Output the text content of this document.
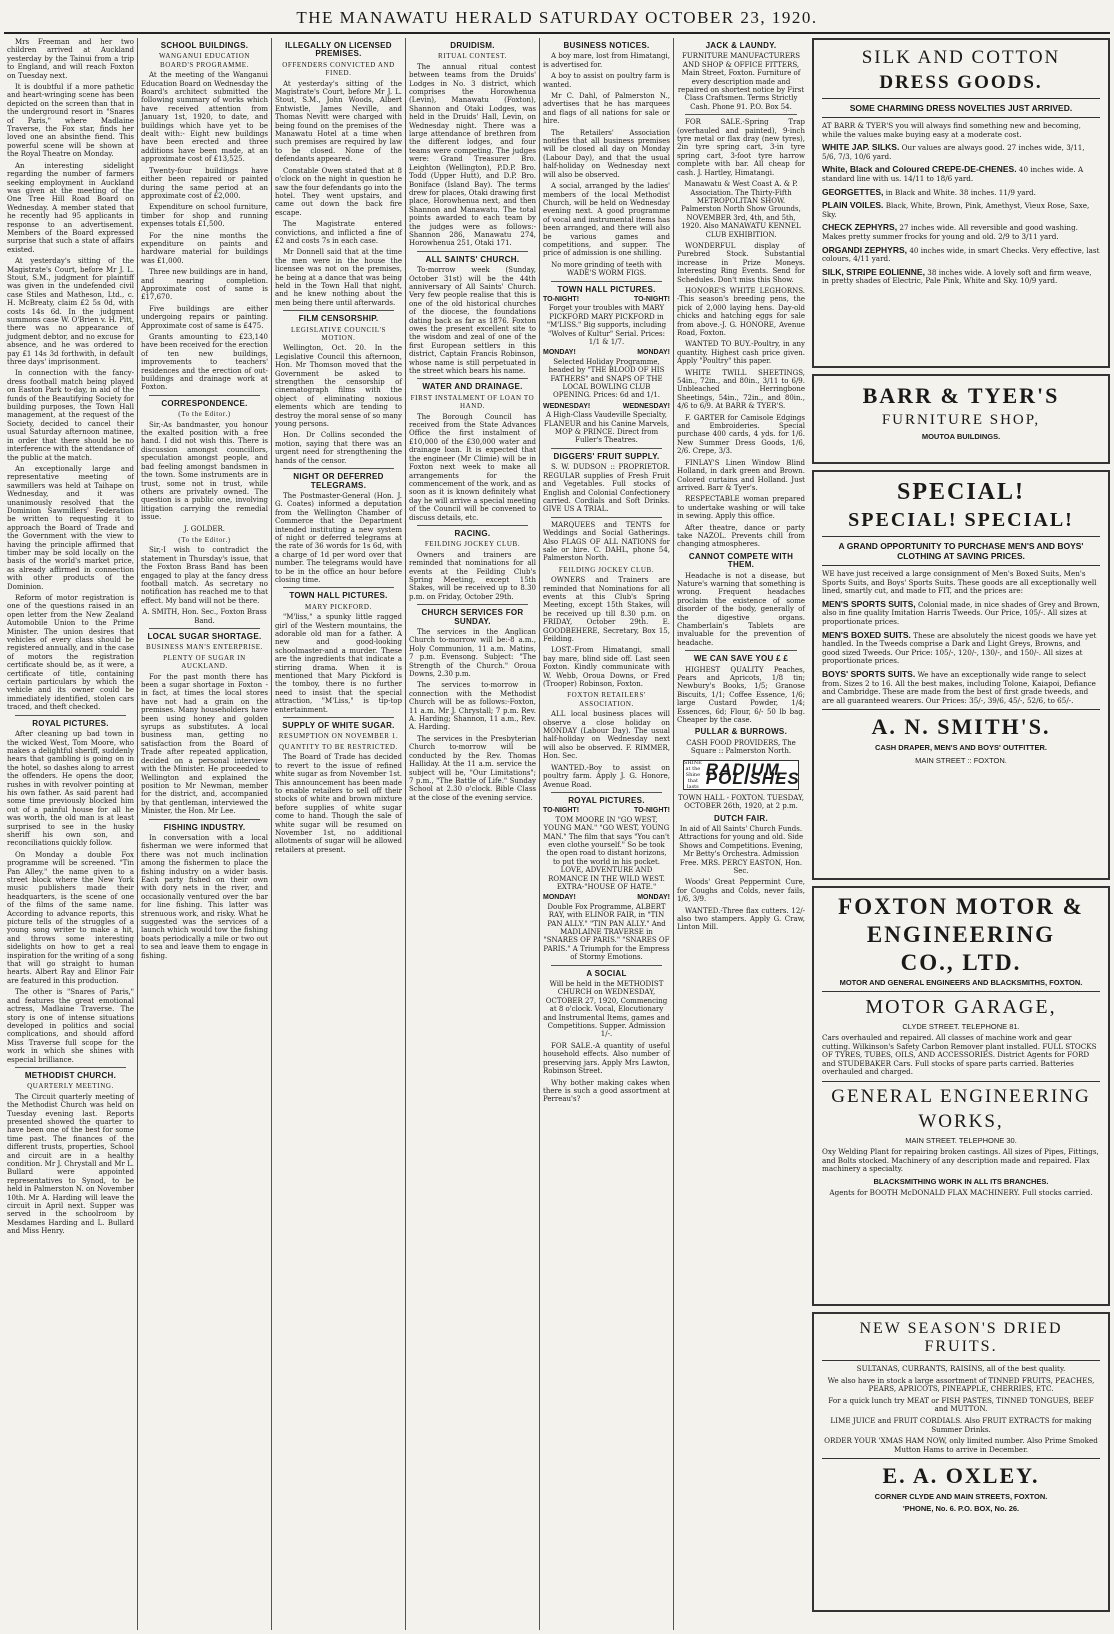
THE MANAWATU HERALD SATURDAY OCTOBER 23, 1920.

Mrs Freeman and her two children arrived at Auckland yesterday by the Tainui from a trip to England, and will reach Foxton on Tuesday next.

It is doubtful if a more pathetic and heart-wringing scene has been depicted on the screen than that in the underground resort in "Snares of Paris," where Madlaine Traverse, the Fox star, finds her loved one an absinthe fiend. This powerful scene will be shown at the Royal Theatre on Monday.

An interesting sidelight regarding the number of farmers seeking employment in Auckland was given at the meeting of the One Tree Hill Road Board on Wednesday. A member stated that he recently had 95 applicants in response to an advertisement. Members of the Board expressed surprise that such a state of affairs existed.

At yesterday's sitting of the Magistrate's Court, before Mr J. L. Stout, S.M., judgment for plaintiff was given in the undefended civil case Stiles and Matheson, Ltd., c. H. McBreaty, claim £2 5s 0d, with costs 14s 6d. In the judgment summons case W. O'Brien v. H. Pitt, there was no appearance of judgment debtor, and no excuse for absence, and he was ordered to pay £1 14s 3d forthwith, in default three days' imprisonment.

In connection with the fancy-dress football match being played on Easton Park to-day, in aid of the funds of the Beautifying Society for building purposes, the Town Hall management, at the request of the Society, decided to cancel their usual Saturday afternoon matinee, in order that there should be no interference with the attendance of the public at the match.

An exceptionally large and representative meeting of sawmillers was held at Taihape on Wednesday, and it was unanimously resolved that the Dominion Sawmillers' Federation be written to requesting it to approach the Board of Trade and the Government with the view to having the principle affirmed that timber may be sold locally on the basis of the world's market price, as already affirmed in connection with other products of the Dominion.

Reform of motor registration is one of the questions raised in an open letter from the New Zealand Automobile Union to the Prime Minister. The union desires that vehicles of every class should be registered annually, and in the case of motors the registration certificate should be, as it were, a certificate of title, containing certain particulars by which the vehicle and its owner could be immediately identified, stolen cars traced, and theft checked.

ROYAL PICTURES.

After cleaning up bad town in the wicked West, Tom Moore, who makes a delightful sheriff, suddenly hears that gambling is going on in the hotel, so dashes along to arrest the offenders. He opens the door, rushes in with revolver pointing at his own father. As said parent had some time previously blocked him out of a painful house for all he was worth, the old man is at least surprised to see in the husky sheriff his own son, and reconciliations quickly follow.

On Monday a double Fox programme will be screened. "Tin Pan Alley," the name given to a street block where the New York music publishers made their headquarters, is the scene of one of the films of the same name. According to advance reports, this picture tells of the struggles of a young song writer to make a hit, and throws some interesting sidelights on how to get a real inspiration for the writing of a song that will go straight to human hearts. Albert Ray and Elinor Fair are featured in this production.

The other is "Snares of Paris," and features the great emotional actress, Madlaine Traverse. The story is one of intense situations developed in politics and social complications, and should afford Miss Traverse full scope for the work in which she shines with especial brilliance.

METHODIST CHURCH.
QUARTERLY MEETING.

The Circuit quarterly meeting of the Methodist Church was held on Tuesday evening last. Reports presented showed the quarter to have been one of the best for some time past. The finances of the different trusts, properties, School and circuit are in a healthy condition. Mr J. Chrystall and Mr L. Bullard were appointed representatives to Synod, to be held in Palmerston N. on November 10th. Mr A. Harding will leave the circuit in April next. Supper was served in the schoolroom by Mesdames Harding and L. Bullard and Miss Henry.

SCHOOL BUILDINGS.
WANGANUI EDUCATION BOARD'S PROGRAMME.

At the meeting of the Wanganui Education Board on Wednesday the Board's architect submitted the following summary of works which have received attention from January 1st, 1920, to date, and buildings which have yet to be dealt with:- Eight new buildings have been erected and three additions have been made, at an approximate cost of £13,525.

Twenty-four buildings have either been repaired or painted during the same period at an approximate cost of £2,000.

Expenditure on school furniture, timber for shop and running expenses totals £1,500.

For the nine months the expenditure on paints and hardware material for buildings was £1,000.

Three new buildings are in hand, and nearing completion. Approximate cost of same is £17,670.

Five buildings are either undergoing repairs or painting. Approximate cost of same is £475.

Grants amounting to £23,140 have been received for the erection of ten new buildings, improvements to teachers' residences and the erection of out-buildings and drainage work at Foxton.

CORRESPONDENCE.
(To the Editor.)

Sir,-As bandmaster, you honour the exalted position with a free hand. I did not wish this. There is discussion amongst councillors, speculation amongst people, and bad feeling amongst bandsmen in the town. Some instruments are in trust, some not in trust, while others are privately owned. The question is a public one, involving litigation carrying the remedial issue.

J. GOLDER.

(To the Editor.)

Sir,-I wish to contradict the statement in Thursday's issue, that the Foxton Brass Band has been engaged to play at the fancy dress football match. As secretary no notification has reached me to that effect. My band will not be there.

A. SMITH, Hon. Sec., Foxton Brass Band.

LOCAL SUGAR SHORTAGE.
BUSINESS MAN'S ENTERPRISE.
PLENTY OF SUGAR IN AUCKLAND.

For the past month there has been a sugar shortage in Foxton - in fact, at times the local stores have not had a grain on the premises. Many householders have been using honey and golden syrups as substitutes. A local business man, getting no satisfaction from the Board of Trade after repeated application, decided on a personal interview with the Minister. He proceeded to Wellington and explained the position to Mr Newman, member for the district, and, accompanied by that gentleman, interviewed the Minister, the Hon. Mr Lee.

FISHING INDUSTRY.

In conversation with a local fisherman we were informed that there was not much inclination among the fishermen to place the fishing industry on a wider basis. Each party fished on their own with dory nets in the river, and occasionally ventured over the bar for line fishing. This latter was strenuous work, and risky. What he suggested was the services of a launch which would tow the fishing boats periodically a mile or two out to sea and leave them to engage in fishing.

ILLEGALLY ON LICENSED PREMISES.
OFFENDERS CONVICTED AND FINED.

At yesterday's sitting of the Magistrate's Court, before Mr J. L. Stout, S.M., John Woods, Albert Entwistle, James Neville, and Thomas Nevitt were charged with being found on the premises of the Manawatu Hotel at a time when such premises are required by law to be closed. None of the defendants appeared.

Constable Owen stated that at 8 o'clock on the night in question he saw the four defendants go into the hotel. They went upstairs, and came out down the back fire escape.

The Magistrate entered convictions, and inflicted a fine of £2 and costs 7s in each case.

Mr Donnell said that at the time the men were in the house the licensee was not on the premises, he being at a dance that was being held in the Town Hall that night, and he knew nothing about the men being there until afterwards.

FILM CENSORSHIP.
LEGISLATIVE COUNCIL'S MOTION.

Wellington, Oct. 20. In the Legislative Council this afternoon, Hon. Mr Thomson moved that the Government be asked to strengthen the censorship of cinematograph films with the object of eliminating noxious elements which are tending to destroy the moral sense of so many young persons.

Hon. Dr Collins seconded the motion, saying that there was an urgent need for strengthening the hands of the censor.

NIGHT OR DEFERRED TELEGRAMS.

The Postmaster-General (Hon. J. G. Coates) informed a deputation from the Wellington Chamber of Commerce that the Department intended instituting a new system of night or deferred telegrams at the rate of 36 words for 1s 6d, with a charge of 1d per word over that number. The telegrams would have to be in the office an hour before closing time.

TOWN HALL PICTURES.
MARY PICKFORD.

"M'liss," a spunky little ragged girl of the Western mountains, the adorable old man for a father. A new and good-looking schoolmaster-and a murder. These are the ingredients that indicate a stirring drama. When it is mentioned that Mary Pickford is the tomboy, there is no further need to insist that the special attraction, "M'Liss," is tip-top entertainment.

SUPPLY OF WHITE SUGAR.
RESUMPTION ON NOVEMBER 1.
QUANTITY TO BE RESTRICTED.

The Board of Trade has decided to revert to the issue of refined white sugar as from November 1st. This announcement has been made to enable retailers to sell off their stocks of white and brown mixture before supplies of white sugar come to hand. Though the sale of white sugar will be resumed on November 1st, no additional allotments of sugar will be allowed retailers at present.

DRUIDISM.
RITUAL CONTEST.

The annual ritual contest between teams from the Druids' Lodges in No. 3 district, which comprises the Horowhenua (Levin), Manawatu (Foxton), Shannon and Otaki Lodges, was held in the Druids' Hall, Levin, on Wednesday night. There was a large attendance of brethren from the different lodges, and four teams were competing. The judges were: Grand Treasurer Bro. Leighton (Wellington), P.D.P. Bro. Todd (Upper Hutt), and D.P. Bro. Boniface (Island Bay). The terms drew for places, Otaki drawing first place, Horowhenua next, and then Shannon and Manawatu. The total points awarded to each team by the judges were as follows:-Shannon 286, Manawatu 274, Horowhenua 251, Otaki 171.

ALL SAINTS' CHURCH.

To-morrow week (Sunday, October 31st) will be the 44th anniversary of All Saints' Church. Very few people realise that this is one of the old historical churches of the diocese, the foundations dating back as far as 1876. Foxton owes the present excellent site to the wisdom and zeal of one of the first European settlers in this district, Captain Francis Robinson, whose name is still perpetuated in the street which bears his name.

WATER AND DRAINAGE.
FIRST INSTALMENT OF LOAN TO HAND.

The Borough Council has received from the State Advances Office the first instalment of £10,000 of the £30,000 water and drainage loan. It is expected that the engineer (Mr Climie) will be in Foxton next week to make all arrangements for the commencement of the work, and as soon as it is known definitely what day he will arrive a special meeting of the Council will be convened to discuss details, etc.

RACING.
FEILDING JOCKEY CLUB.

Owners and trainers are reminded that nominations for all events at the Feilding Club's Spring Meeting, except 15th Stakes, will be received up to 8.30 p.m. on Friday, October 29th.

CHURCH SERVICES FOR SUNDAY.

The services in the Anglican Church to-morrow will be:-8 a.m., Holy Communion, 11 a.m. Matins, 7 p.m. Evensong. Subject: "The Strength of the Church." Oroua Downs, 2.30 p.m.

The services to-morrow in connection with the Methodist Church will be as follows:-Foxton, 11 a.m. Mr J. Chrystall; 7 p.m. Rev. A. Harding; Shannon, 11 a.m., Rev. A. Harding.

The services in the Presbyterian Church to-morrow will be conducted by the Rev. Thomas Halliday. At the 11 a.m. service the subject will be, "Our Limitations"; 7 p.m., "The Battle of Life." Sunday School at 2.30 o'clock. Bible Class at the close of the evening service.

BUSINESS NOTICES.

A boy mare, lost from Himatangi, is advertised for.

A boy to assist on poultry farm is wanted.

Mr C. Dahl, of Palmerston N., advertises that he has marquees and flags of all nations for sale or hire.

The Retailers' Association notifies that all business premises will be closed all day on Monday (Labour Day), and that the usual half-holiday on Wednesday next will also be observed.

A social, arranged by the ladies' members of the local Methodist Church, will be held on Wednesday evening next. A good programme of vocal and instrumental items has been arranged, and there will also be various games and competitions, and supper. The price of admission is one shilling.

No more grinding of teeth with WADE'S WORM FIGS.

TOWN HALL PICTURES.
TO-NIGHT!	TO-NIGHT!

Forget your troubles with MARY PICKFORD MARY PICKFORD in "M'LISS." Big supports, including "Wolves of Kultur" Serial. Prices: 1/1 & 1/7.

MONDAY!	MONDAY!

Selected Holiday Programme, headed by "THE BLOOD OF HIS FATHERS" and SNAPS OF THE LOCAL BOWLING CLUB OPENING. Prices: 6d and 1/1.

WEDNESDAY!	WEDNESDAY!

A High-Class Vaudeville Specialty, FLANEUR and his Canine Marvels, MOP & PRINCE. Direct from Fuller's Theatres.

DIGGERS' FRUIT SUPPLY.

S. W. DUDSON :: PROPRIETOR. REGULAR supplies of Fresh Fruit and Vegetables. Full stocks of English and Colonial Confectionery carried. Cordials and Soft Drinks. GIVE US A TRIAL.

MARQUEES and TENTS for Weddings and Social Gatherings. Also FLAGS OF ALL NATIONS for sale or hire. C. DAHL, phone 54, Palmerston North.

FEILDING JOCKEY CLUB.

OWNERS and Trainers are reminded that Nominations for all events at this Club's Spring Meeting, except 15th Stakes, will be received up till 8.30 p.m. on FRIDAY, October 29th. E. GOODBEHERE, Secretary, Box 15, Feilding.

LOST.-From Himatangi, small bay mare, blind side off. Last seen Foxton. Kindly communicate with W. Webb, Oroua Downs, or Fred (Trooper) Robinson, Foxton.

FOXTON RETAILERS' ASSOCIATION.

ALL local business places will observe a close holiday on MONDAY (Labour Day). The usual half-holiday on Wednesday next will also be observed. F. RIMMER, Hon. Sec.

WANTED.-Boy to assist on poultry farm. Apply J. G. Honore, Avenue Road.

ROYAL PICTURES.
TO-NIGHT!	TO-NIGHT!

TOM MOORE IN "GO WEST, YOUNG MAN." "GO WEST, YOUNG MAN." The film that says "You can't even clothe yourself." So be took the open road to distant horizons, to put the world in his pocket. LOVE, ADVENTURE AND ROMANCE IN THE WILD WEST. EXTRA-"HOUSE OF HATE."

MONDAY!	MONDAY!

Double Fox Programme, ALBERT RAY, with ELINOR FAIR, in "TIN PAN ALLY." "TIN PAN ALLY." And MADLAINE TRAVERSE in "SNARES OF PARIS." "SNARES OF PARIS." A Triumph for the Empress of Stormy Emotions.

A SOCIAL

Will be held in the METHODIST CHURCH on WEDNESDAY, OCTOBER 27, 1920, Commencing at 8 o'clock. Vocal, Elocutionary and Instrumental Items, games and Competitions. Supper. Admission 1/-.

FOR SALE.-A quantity of useful household effects. Also number of preserving jars. Apply Mrs Lawton, Robinson Street.

Why bother making cakes when there is such a good assortment at Perreau's?

JACK & LAUNDY.

FURNITURE MANUFACTURERS AND SHOP & OFFICE FITTERS, Main Street, Foxton. Furniture of every description made and repaired on shortest notice by First Class Craftsmen. Terms Strictly Cash. Phone 91. P.O. Box 54.

FOR SALE.-Spring Trap (overhauled and painted), 9-inch tyre metal or flax dray (new tyres), 2in tyre spring cart, 3-in tyre spring cart, 3-foot tyre harrow complete with bar. All cheap for cash. J. Hartley, Himatangi.

Manawatu & West Coast A. & P. Association. The Thirty-Fifth METROPOLITAN SHOW. Palmerston North Show Grounds, NOVEMBER 3rd, 4th, and 5th, 1920. Also MANAWATU KENNEL CLUB EXHIBITION.

WONDERFUL display of Purebred Stock. Substantial increase in Prize Moneys. Interesting Ring Events. Send for Schedules. Don't miss this Show.

HONORE'S WHITE LEGHORNS. -This season's breeding pens, the pick of 2,000 laying hens. Day-old chicks and hatching eggs for sale from above.-J. G. HONORE, Avenue Road, Foxton.

WANTED TO BUY.-Poultry, in any quantity. Highest cash price given. Apply "Poultry" this paper.

WHITE TWILL SHEETINGS, 54in., 72in., and 80in., 3/11 to 6/9. Unbleached Herringbone Sheetings, 54in., 72in., and 80in., 4/6 to 6/9. At BARR & TYER'S.

F. GARTER for Camisole Edgings and Embroideries. Special purchase 400 cards, 4 yds. for 1/6. New Summer Dress Goods, 1/6, 2/6. Crepe, 3/3.

FINLAY'S Linen Window Blind Holland, in dark green and Brown. Colored curtains and Holland. Just arrived. Barr & Tyer's.

RESPECTABLE woman prepared to undertake washing or will take in sewing. Apply this office.

After theatre, dance or party take NAZOL. Prevents chill from changing atmospheres.

CANNOT COMPETE WITH THEM.

Headache is not a disease, but Nature's warning that something is wrong. Frequent headaches proclaim the existence of some disorder of the body, generally of the digestive organs. Chamberlain's Tablets are invaluable for the prevention of headache.

WE CAN SAVE YOU £ £

HIGHEST QUALITY Peaches, Pears and Apricots, 1/8 tin; Newbury's Books, 1/5; Granose Biscuits, 1/1; Coffee Essence, 1/6; large Custard Powder, 1/4; Essences, 6d; Flour, 6/- 50 lb bag. Cheaper by the case.

PULLAR & BURROWS.

CASH FOOD PROVIDERS, The Square :: Palmerston North.

SHINE at the Shine that lasts
RADIUM POLISHES

TOWN HALL - FOXTON. TUESDAY, OCTOBER 26th, 1920, at 2 p.m.

DUTCH FAIR.

In aid of All Saints' Church Funds. Attractions for young and old. Side Shows and Competitions. Evening, Mr Betty's Orchestra. Admission Free. MRS. PERCY EASTON, Hon. Sec.

Woods' Great Peppermint Cure, for Coughs and Colds, never fails, 1/6, 3/9.

WANTED.-Three flax cutters. 12/- also two stampers. Apply G. Craw, Linton Mill.

SILK AND COTTON
DRESS GOODS.
SOME CHARMING DRESS NOVELTIES JUST ARRIVED.

AT BARR & TYER'S you will always find something new and becoming, while the values make buying easy at a moderate cost.

WHITE JAP. SILKS. Our values are always good. 27 inches wide, 3/11, 5/6, 7/3, 10/6 yard.
White, Black and Coloured CREPE-DE-CHENES. 40 inches wide. A standard line with us. 14/11 to 18/6 yard.
GEORGETTES, in Black and White. 38 inches. 11/9 yard.
PLAIN VOILES. Black, White, Brown, Pink, Amethyst, Vieux Rose, Saxe, Sky.
CHECK ZEPHYRS, 27 inches wide. All reversible and good washing. Makes pretty summer frocks for young and old. 2/9 to 3/11 yard.
ORGANDI ZEPHYRS, 40 inches wide, in smart Checks. Very effective, last colours, 4/11 yard.
SILK, STRIPE EOLIENNE, 38 inches wide. A lovely soft and firm weave, in pretty shades of Electric, Pale Pink, White and Sky. 10/9 yard.
BARR & TYER'S
FURNITURE SHOP,
MOUTOA BUILDINGS.
SPECIAL!
SPECIAL! SPECIAL!
A GRAND OPPORTUNITY TO PURCHASE MEN'S AND BOYS' CLOTHING AT SAVING PRICES.

WE have just received a large consignment of Men's Boxed Suits, Men's Sports Suits, and Boys' Sports Suits. These goods are all exceptionally well lined, smartly cut, and made to FIT, and the prices are:

MEN'S SPORTS SUITS, Colonial made, in nice shades of Grey and Brown, also in fine quality Imitation Harris Tweeds. Our Price, 105/-. All sizes at proportionate prices.
MEN'S BOXED SUITS. These are absolutely the nicest goods we have yet handled. In the Tweeds comprise a Dark and Light Greys, Browns, and good sized Tweeds. Our Price: 105/-, 120/-, 130/-, and 150/-. All sizes at proportionate prices.
BOYS' SPORTS SUITS. We have an exceptionally wide range to select from. Sizes 2 to 16. All the best makes, including Tolone, Kaiapoi, Defiance and Cambridge. These are made from the best of first grade tweeds, and are all guaranteed wearers. Our Prices: 35/-, 39/6, 45/-, 52/6, to 65/-.
A. N. SMITH'S.
CASH DRAPER, MEN'S AND BOYS' OUTFITTER.
MAIN STREET :: FOXTON.
FOXTON MOTOR &
ENGINEERING
CO., LTD.
MOTOR AND GENERAL ENGINEERS AND BLACKSMITHS, FOXTON.
MOTOR GARAGE,
CLYDE STREET. TELEPHONE 81.

Cars overhauled and repaired. All classes of machine work and gear cutting. Wilkinson's Safety Carbon Remover plant installed. FULL STOCKS OF TYRES, TUBES, OILS, AND ACCESSORIES. District Agents for FORD and STUDEBAKER Cars. Full stocks of spare parts carried. Batteries overhauled and charged.

GENERAL ENGINEERING
WORKS,
MAIN STREET. TELEPHONE 30.

Oxy Welding Plant for repairing broken castings. All sizes of Pipes, Fittings, and Bolts stocked. Machinery of any description made and repaired. Flax machinery a specialty.

BLACKSMITHING WORK IN ALL ITS BRANCHES.

Agents for BOOTH McDONALD FLAX MACHINERY. Full stocks carried.

NEW SEASON'S DRIED FRUITS.

SULTANAS, CURRANTS, RAISINS, all of the best quality.

We also have in stock a large assortment of TINNED FRUITS, PEACHES, PEARS, APRICOTS, PINEAPPLE, CHERRIES, ETC.

For a quick lunch try MEAT or FISH PASTES, TINNED TONGUES, BEEF and MUTTON.

LIME JUICE and FRUIT CORDIALS. Also FRUIT EXTRACTS for making Summer Drinks.

ORDER YOUR 'XMAS HAM NOW, only limited number. Also Prime Smoked Mutton Hams to arrive in December.

E. A. OXLEY.
CORNER CLYDE AND MAIN STREETS, FOXTON.
'PHONE, No. 6. P.O. BOX, No. 26.
